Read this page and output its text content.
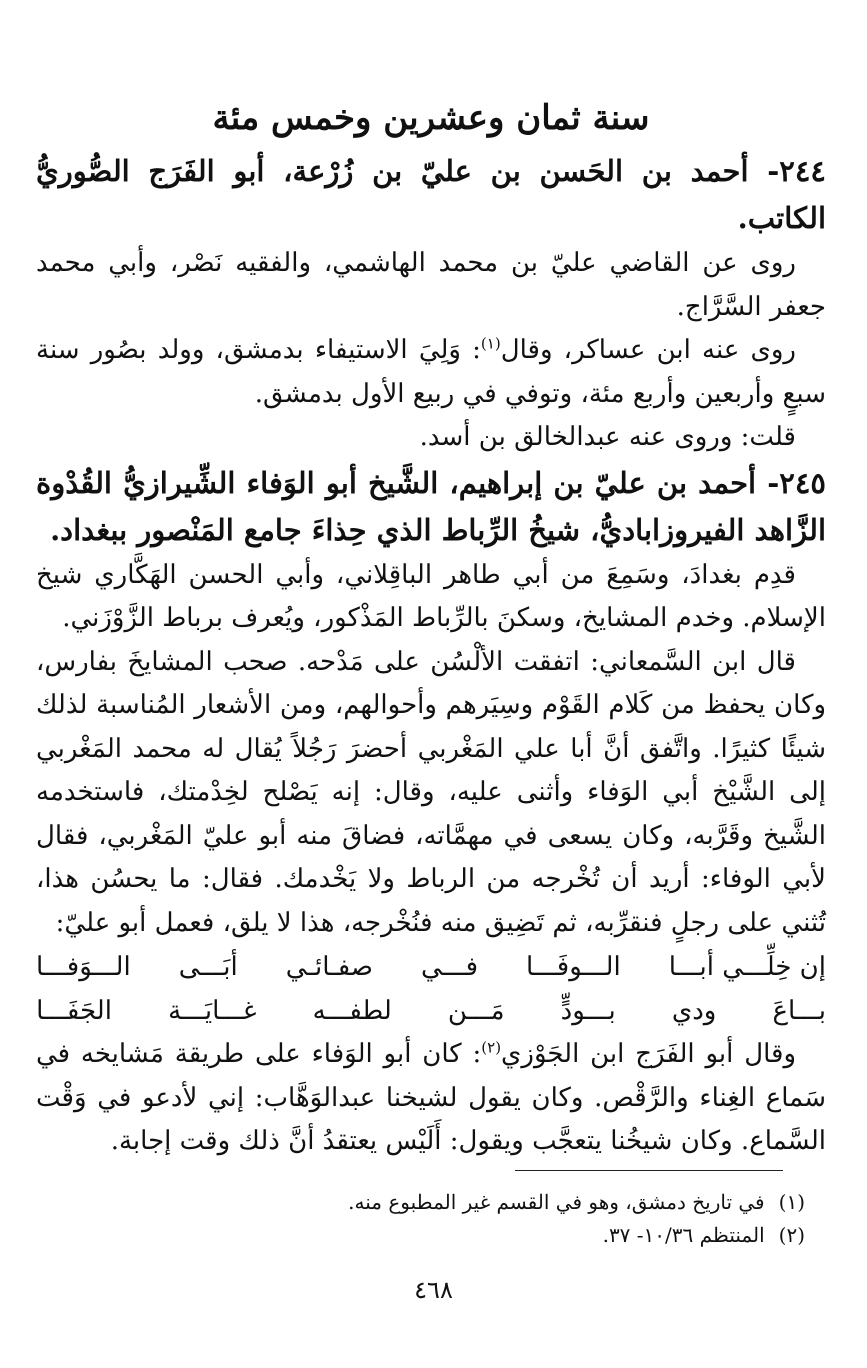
سنة ثمان وعشرين وخمس مئة

٢٤٤- أحمد بن الحَسن بن عليّ بن زُرْعة، أبو الفَرَج الصُّوريُّ الكاتب.

روى عن القاضي عليّ بن محمد الهاشمي، والفقيه نَصْر، وأبي محمد جعفر السَّرَّاج.

روى عنه ابن عساكر، وقال$^{(١)}$: وَلِيَ الاستيفاء بدمشق، وولد بصُور سنة سبعٍ وأربعين وأربع مئة، وتوفي في ربيع الأول بدمشق.

قلت: وروى عنه عبدالخالق بن أسد.

٢٤٥- أحمد بن عليّ بن إبراهيم، الشَّيخ أبو الوَفاء الشِّيرازيُّ القُدْوة الزَّاهد الفيروزاباديُّ، شيخُ الرِّباط الذي حِذاءَ جامع المَنْصور ببغداد.

قدِم بغدادَ، وسَمِعَ من أبي طاهر الباقِلاني، وأبي الحسن الهَكَّاري شيخ الإسلام. وخدم المشايخ، وسكنَ بالرِّباط المَذْكور، ويُعرف برباط الزَّوْزَني.

قال ابن السَّمعاني: اتفقت الألْسُن على مَدْحه. صحب المشايخَ بفارس، وكان يحفظ من كَلام القَوْم وسِيَرهم وأحوالهم، ومن الأشعار المُناسبة لذلك شيئًا كثيرًا. واتَّفق أنَّ أبا علي المَغْربي أحضرَ رَجُلاً يُقال له محمد المَغْربي إلى الشَّيْخ أبي الوَفاء وأثنى عليه، وقال: إنه يَصْلح لخِدْمتك، فاستخدمه الشَّيخ وقَرَّبه، وكان يسعى في مهمَّاته، فضاقَ منه أبو عليّ المَغْربي، فقال لأبي الوفاء: أريد أن تُخْرجه من الرباط ولا يَخْدمك. فقال: ما يحسُن هذا، تُثني على رجلٍ فنقرِّبه، ثم تَضِيق منه فنُخْرجه، هذا لا يلق، فعمل أبو عليّ:

إن خِلِّـــي أبـــا
الـــوفَـــا
فـــي
صفـائـي
أبَـــى
الـــوَفـــا
بـــاعَ
ودي
بـــودٍّ
مَـــن
لطفـــه
غـــايَـــة
الجَفَـــا

وقال أبو الفَرَج ابن الجَوْزي$^{(٢)}$: كان أبو الوَفاء على طريقة مَشايخه في سَماع الغِناء والرَّقْص. وكان يقول لشيخنا عبدالوَهَّاب: إني لأدعو في وَقْت السَّماع. وكان شيخُنا يتعجَّب ويقول: أَلَيْس يعتقدُ أنَّ ذلك وقت إجابة.

(١)في تاريخ دمشق، وهو في القسم غير المطبوع منه.

(٢)المنتظم ١٠/٣٦- ٣٧.

٤٦٨
